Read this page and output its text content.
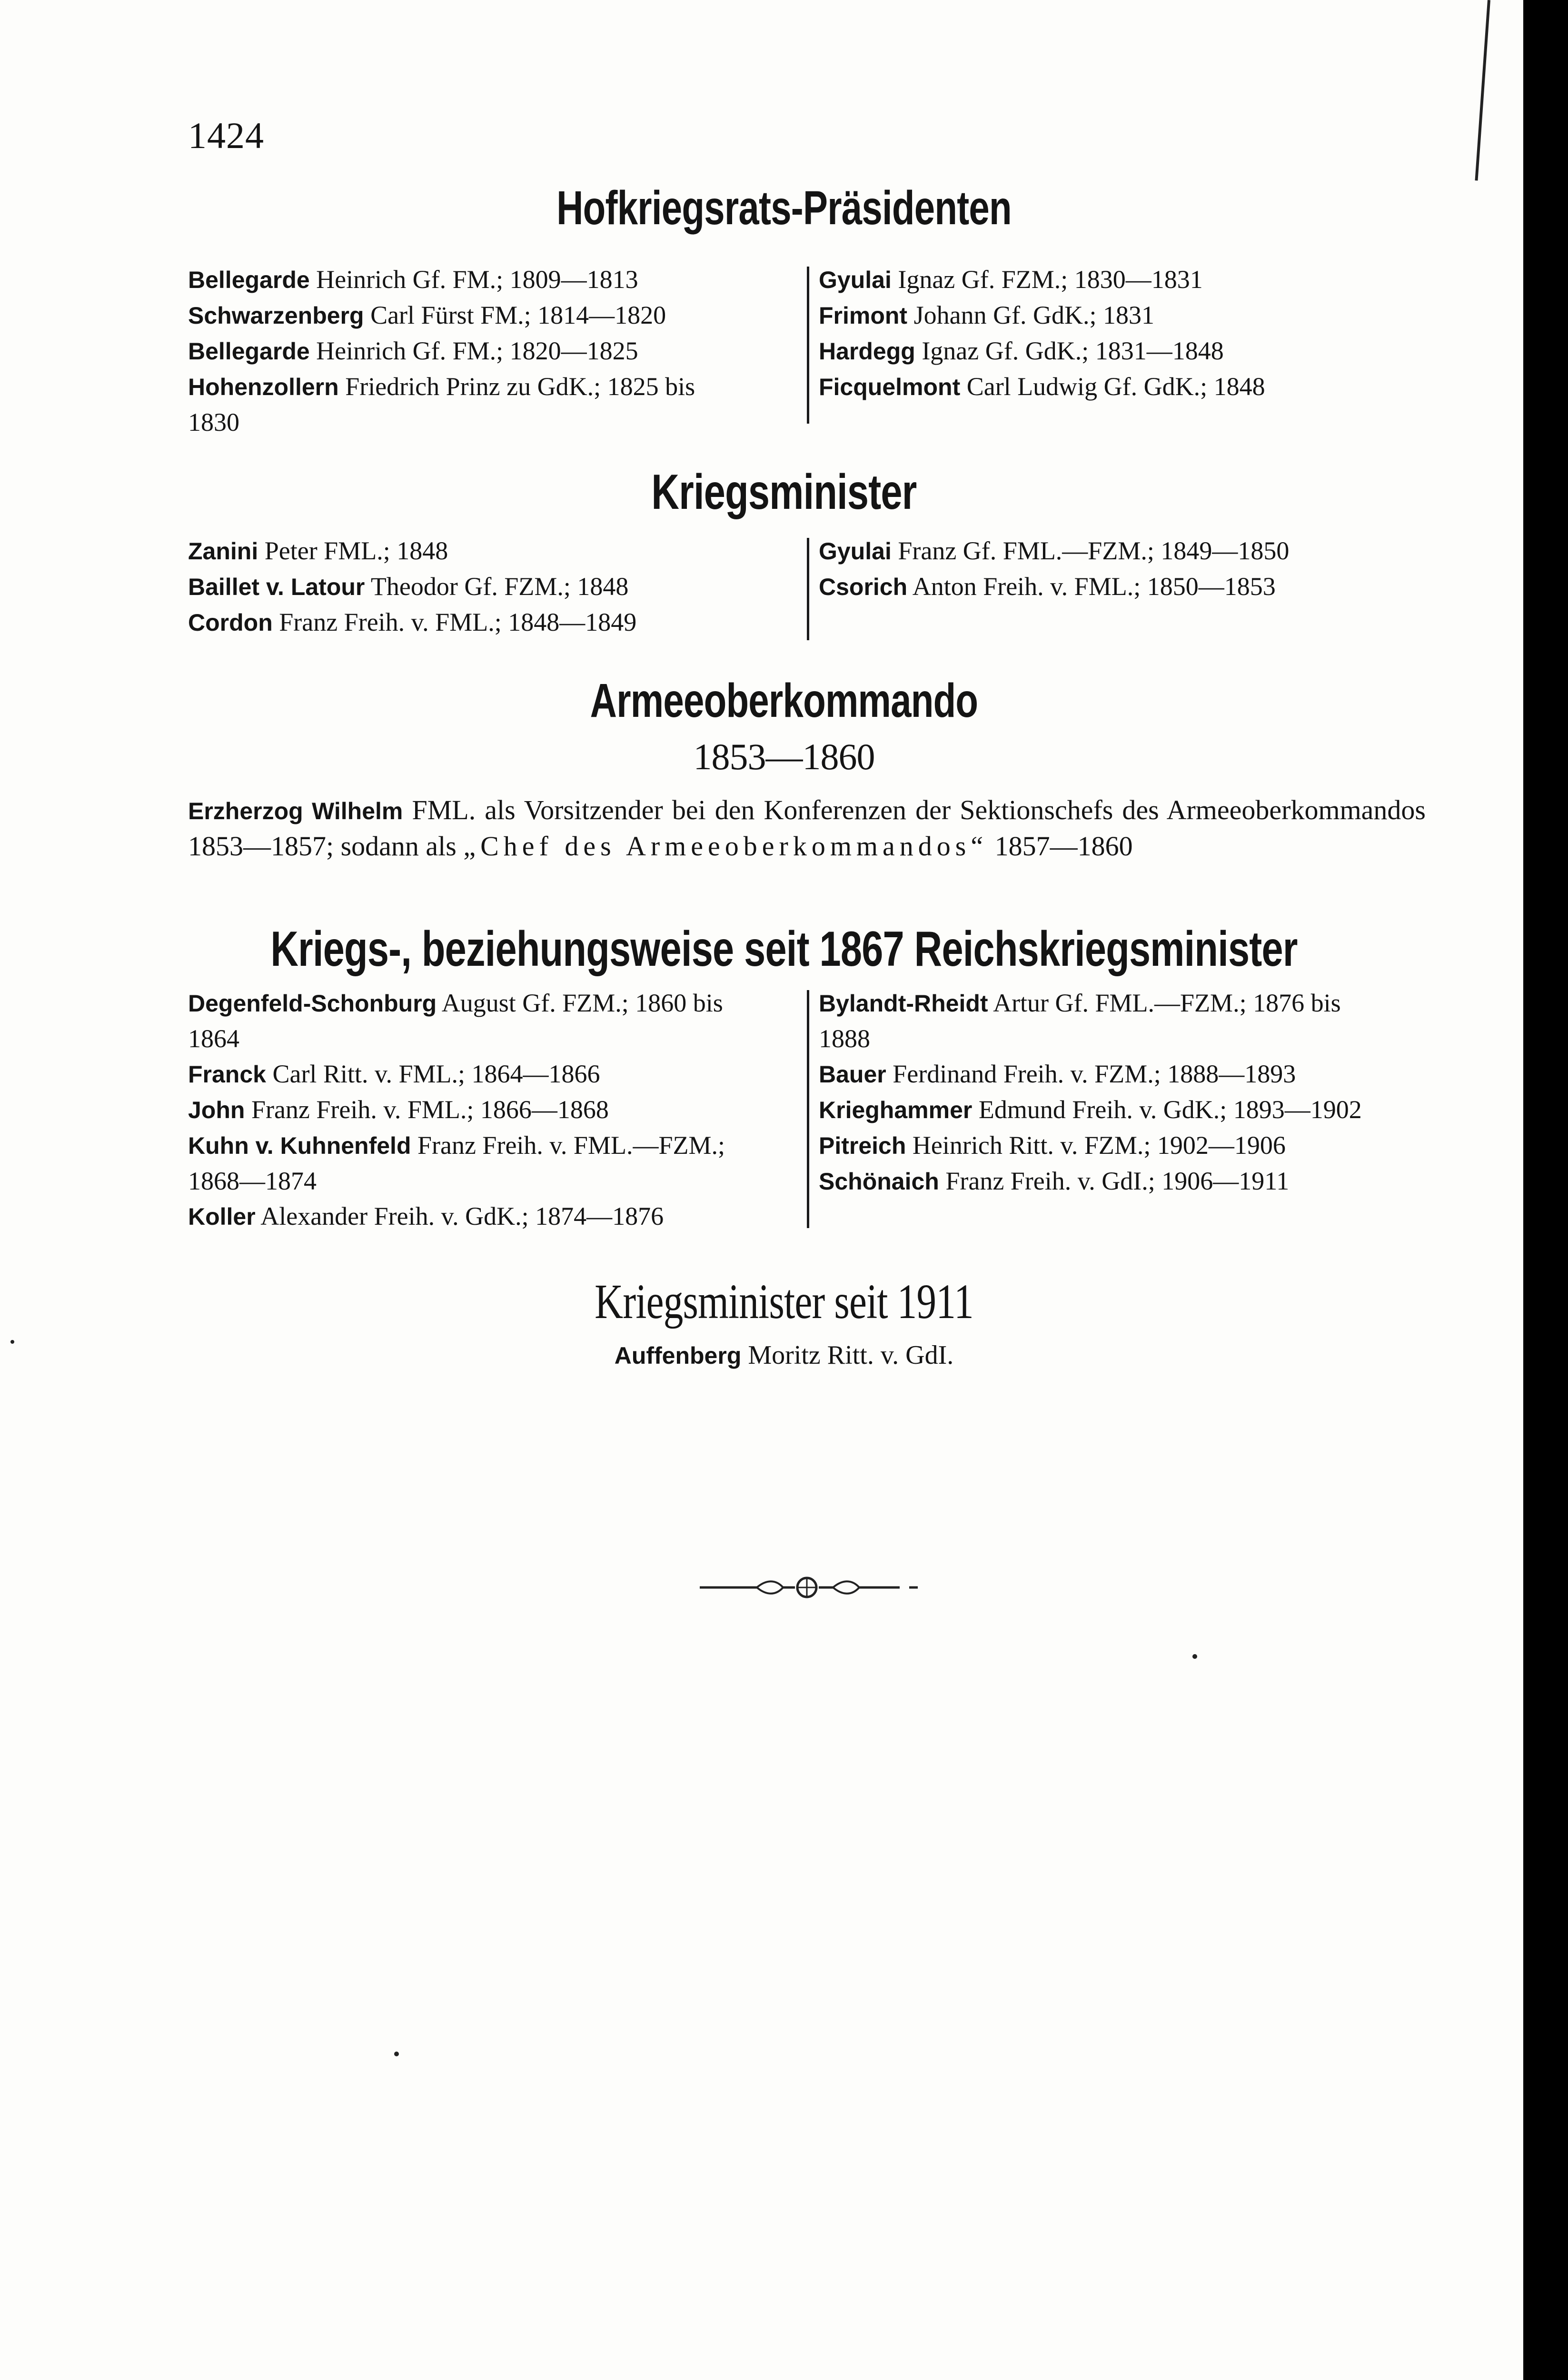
1424
Hofkriegsrats-Präsidenten
Bellegarde Heinrich Gf. FM.; 1809—1813
Schwarzenberg Carl Fürst FM.; 1814—1820
Bellegarde Heinrich Gf. FM.; 1820—1825
Hohenzollern Friedrich Prinz zu GdK.; 1825 bis
1830
Gyulai Ignaz Gf. FZM.; 1830—1831
Frimont Johann Gf. GdK.; 1831
Hardegg Ignaz Gf. GdK.; 1831—1848
Ficquelmont Carl Ludwig Gf. GdK.; 1848
Kriegsminister
Zanini Peter FML.; 1848
Baillet v. Latour Theodor Gf. FZM.; 1848
Cordon Franz Freih. v. FML.; 1848—1849
Gyulai Franz Gf. FML.—FZM.; 1849—1850
Csorich Anton Freih. v. FML.; 1850—1853
Armeeoberkommando
1853—1860
Erzherzog Wilhelm FML. als Vorsitzender bei den Konferenzen der Sektionschefs des Armeeoberkommandos 1853—1857; sodann als „Chef des Armeeoberkommandos“ 1857—1860
Kriegs-, beziehungsweise seit 1867 Reichskriegsminister
Degenfeld-Schonburg August Gf. FZM.; 1860 bis
1864
Franck Carl Ritt. v. FML.; 1864—1866
John Franz Freih. v. FML.; 1866—1868
Kuhn v. Kuhnenfeld Franz Freih. v. FML.—FZM.;
1868—1874
Koller Alexander Freih. v. GdK.; 1874—1876
Bylandt-Rheidt Artur Gf. FML.—FZM.; 1876 bis
1888
Bauer Ferdinand Freih. v. FZM.; 1888—1893
Krieghammer Edmund Freih. v. GdK.; 1893—1902
Pitreich Heinrich Ritt. v. FZM.; 1902—1906
Schönaich Franz Freih. v. GdI.; 1906—1911
Kriegsminister seit 1911
Auffenberg Moritz Ritt. v. GdI.
